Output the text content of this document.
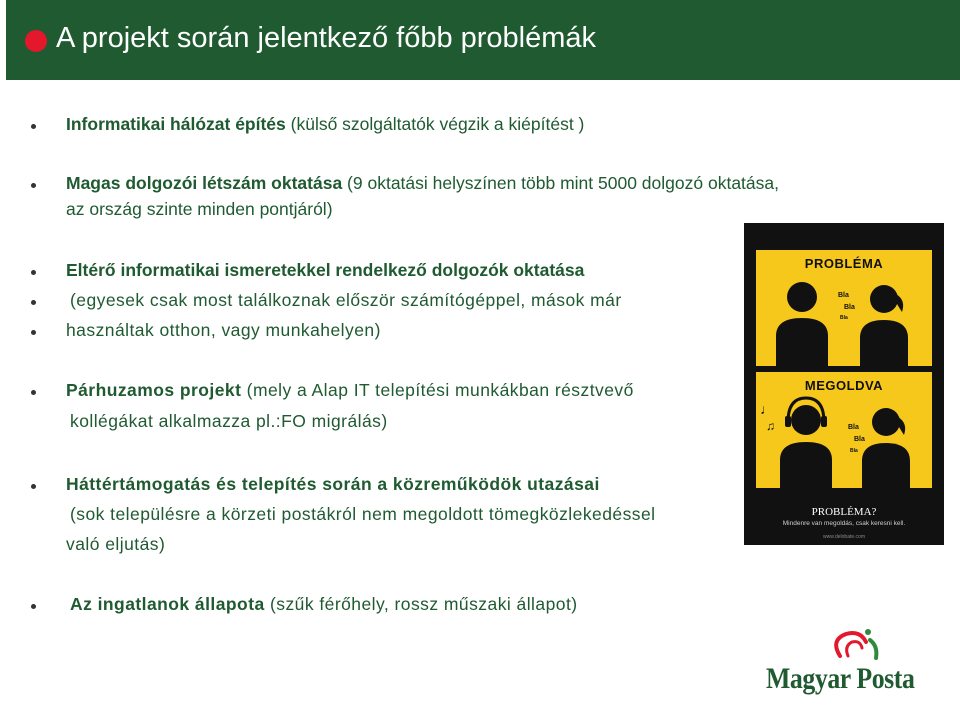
A projekt során jelentkező főbb problémák
Informatikai hálózat építés (külső szolgáltatók végzik a kiépítést )
Magas dolgozói létszám oktatása (9 oktatási helyszínen több mint 5000 dolgozó oktatása,
az ország szinte minden pontjáról)
Eltérő informatikai ismeretekkel rendelkező dolgozók oktatása
(egyesek csak most találkoznak először számítógéppel, mások már
használtak otthon, vagy munkahelyen)
Párhuzamos projekt (mely a Alap IT telepítési munkákban résztvevő
kollégákat alkalmazza pl.:FO migrálás)
Háttértámogatás és telepítés során a közreműködök utazásai
(sok településre a körzeti postákról nem megoldott tömegközlekedéssel
való eljutás)
Az ingatlanok állapota (szűk férőhely, rossz műszaki állapot)
PROBLÉMA
Bla
Bla
Bla
♩
♫
MEGOLDVA
Bla
Bla
Bla
PROBLÉMA?
Mindenre van megoldás, csak keresni kell.
www.delobate.com
Magyar Posta
